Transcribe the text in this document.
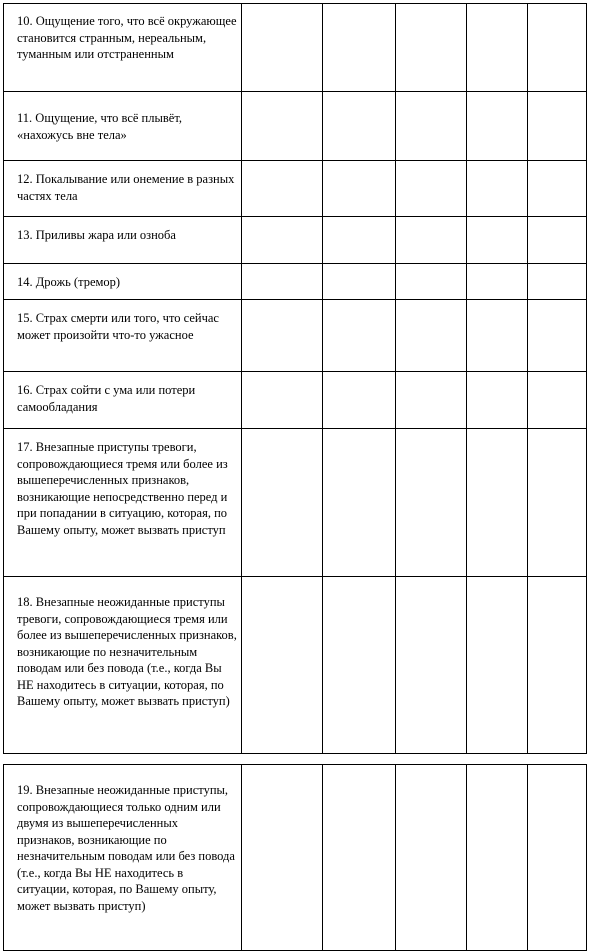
10. Ощущение того, что всё окружающее становится странным, нереальным, туманным или отстраненным					

11. Ощущение, что всё плывёт, «нахожусь вне тела»					

12. Покалывание или онемение в разных частях тела					

13. Приливы жара или озноба					

14. Дрожь (тремор)					

15. Страх смерти или того, что сейчас может произойти что-то ужасное					

16. Страх сойти с ума или потери самообладания					

17. Внезапные приступы тревоги, сопровождающиеся тремя или более из вышеперечисленных признаков, возникающие непосредственно перед и при попадании в ситуацию, которая, по Вашему опыту, может вызвать приступ					

18. Внезапные неожиданные приступы тревоги, сопровождающиеся тремя или более из вышеперечисленных признаков, возникающие по незначительным поводам или без повода (т.е., когда Вы НЕ находитесь в ситуации, которая, по Вашему опыту, может вызвать приступ)					

19. Внезапные неожиданные приступы, сопровождающиеся только одним или двумя из вышеперечисленных признаков, возникающие по незначительным поводам или без повода (т.е., когда Вы НЕ находитесь в ситуации, которая, по Вашему опыту, может вызвать приступ)
